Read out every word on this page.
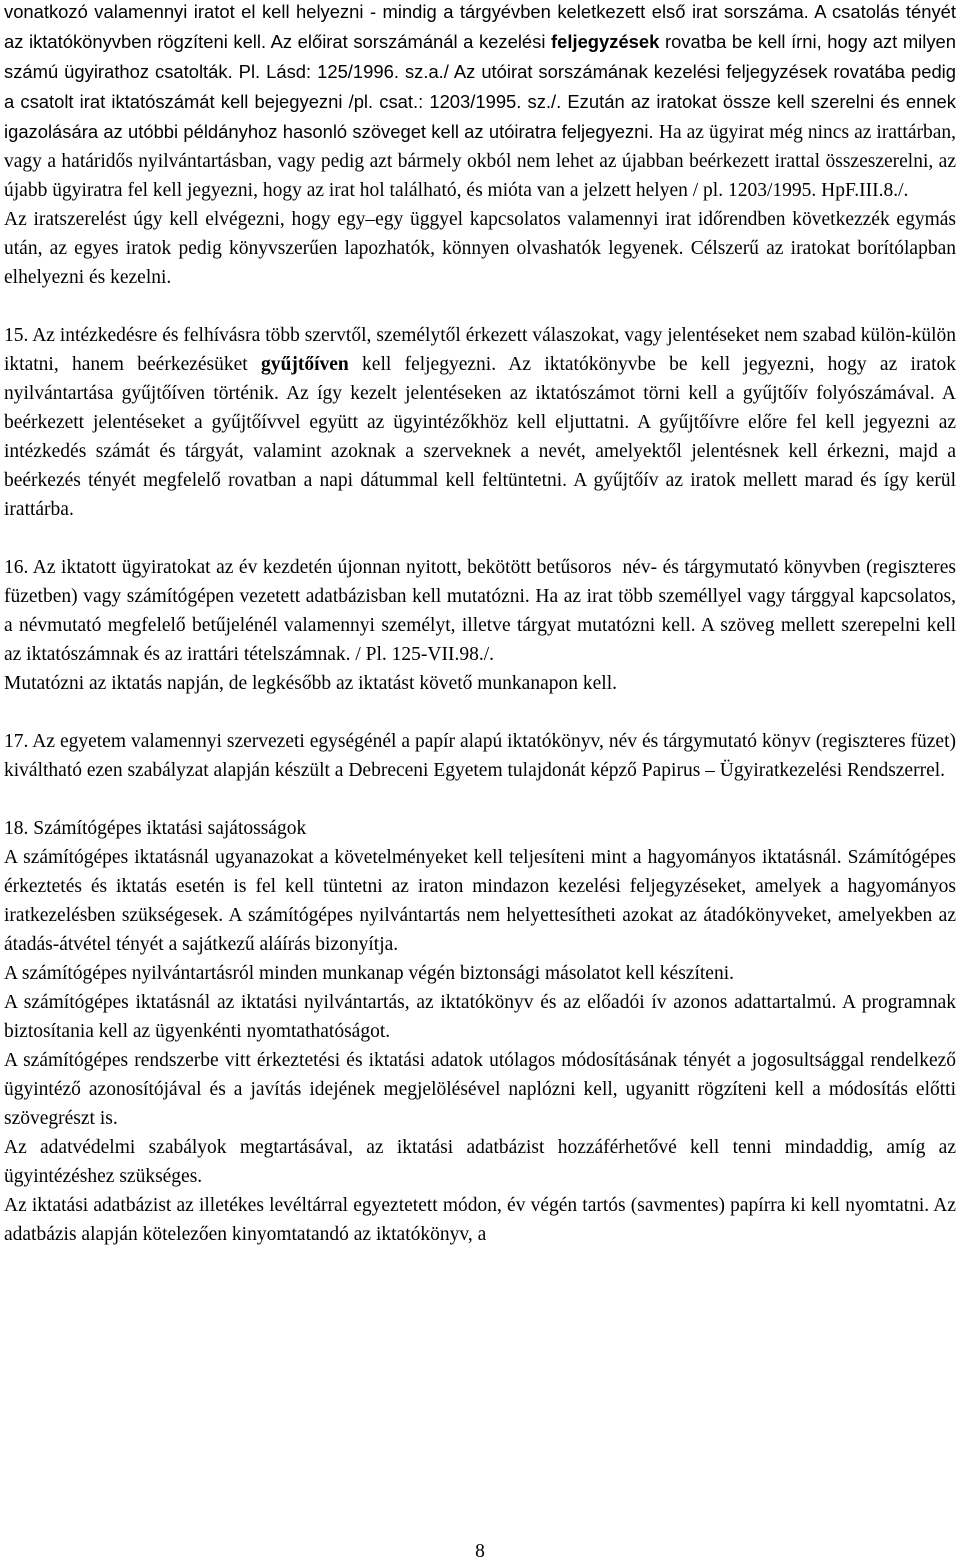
vonatkozó valamennyi iratot el kell helyezni - mindig a tárgyévben keletkezett első irat sorszáma. A csatolás tényét az iktatókönyvben rögzíteni kell. Az előirat sorszámánál a kezelési feljegyzések rovatba be kell írni, hogy azt milyen számú ügyirathoz csatolták. Pl. Lásd: 125/1996. sz.a./ Az utóirat sorszámának kezelési feljegyzések rovatába pedig a csatolt irat iktatószámát kell bejegyezni /pl. csat.: 1203/1995. sz./. Ezután az iratokat össze kell szerelni és ennek igazolására az utóbbi példányhoz hasonló szöveget kell az utóiratra feljegyezni. Ha az ügyirat még nincs az irattárban, vagy a határidős nyilvántartásban, vagy pedig azt bármely okból nem lehet az újabban beérkezett irattal összeszerelni, az újabb ügyiratra fel kell jegyezni, hogy az irat hol található, és mióta van a jelzett helyen / pl. 1203/1995. HpF.III.8./.

Az iratszerelést úgy kell elvégezni, hogy egy–egy üggyel kapcsolatos valamennyi irat időrendben következzék egymás után, az egyes iratok pedig könyvszerűen lapozhatók, könnyen olvashatók legyenek. Célszerű az iratokat borítólapban elhelyezni és kezelni.

15. Az intézkedésre és felhívásra több szervtől, személytől érkezett válaszokat, vagy jelentéseket nem szabad külön-külön iktatni, hanem beérkezésüket gyűjtőíven kell feljegyezni. Az iktatókönyvbe be kell jegyezni, hogy az iratok nyilvántartása gyűjtőíven történik. Az így kezelt jelentéseken az iktatószámot törni kell a gyűjtőív folyószámával. A beérkezett jelentéseket a gyűjtőívvel együtt az ügyintézőkhöz kell eljuttatni. A gyűjtőívre előre fel kell jegyezni az intézkedés számát és tárgyát, valamint azoknak a szerveknek a nevét, amelyektől jelentésnek kell érkezni, majd a beérkezés tényét megfelelő rovatban a napi dátummal kell feltüntetni. A gyűjtőív az iratok mellett marad és így kerül irattárba.

16. Az iktatott ügyiratokat az év kezdetén újonnan nyitott, bekötött betűsoros név- és tárgymutató könyvben (regiszteres füzetben) vagy számítógépen vezetett adatbázisban kell mutatózni. Ha az irat több személlyel vagy tárggyal kapcsolatos, a névmutató megfelelő betűjelénél valamennyi személyt, illetve tárgyat mutatózni kell. A szöveg mellett szerepelni kell az iktatószámnak és az irattári tételszámnak. / Pl. 125-VII.98./.

Mutatózni az iktatás napján, de legkésőbb az iktatást követő munkanapon kell.

17. Az egyetem valamennyi szervezeti egységénél a papír alapú iktatókönyv, név és tárgymutató könyv (regiszteres füzet) kiváltható ezen szabályzat alapján készült a Debreceni Egyetem tulajdonát képző Papirus – Ügyiratkezelési Rendszerrel.

18. Számítógépes iktatási sajátosságok

A számítógépes iktatásnál ugyanazokat a követelményeket kell teljesíteni mint a hagyományos iktatásnál. Számítógépes érkeztetés és iktatás esetén is fel kell tüntetni az iraton mindazon kezelési feljegyzéseket, amelyek a hagyományos iratkezelésben szükségesek. A számítógépes nyilvántartás nem helyettesítheti azokat az átadókönyveket, amelyekben az átadás-átvétel tényét a sajátkezű aláírás bizonyítja.

A számítógépes nyilvántartásról minden munkanap végén biztonsági másolatot kell készíteni.

A számítógépes iktatásnál az iktatási nyilvántartás, az iktatókönyv és az előadói ív azonos adattartalmú. A programnak biztosítania kell az ügyenkénti nyomtathatóságot.

A számítógépes rendszerbe vitt érkeztetési és iktatási adatok utólagos módosításának tényét a jogosultsággal rendelkező ügyintéző azonosítójával és a javítás idejének megjelölésével naplózni kell, ugyanitt rögzíteni kell a módosítás előtti szövegrészt is.

Az adatvédelmi szabályok megtartásával, az iktatási adatbázist hozzáférhetővé kell tenni mindaddig, amíg az ügyintézéshez szükséges.

Az iktatási adatbázist az illetékes levéltárral egyeztetett módon, év végén tartós (savmentes) papírra ki kell nyomtatni. Az adatbázis alapján kötelezően kinyomtatandó az iktatókönyv, a

8
